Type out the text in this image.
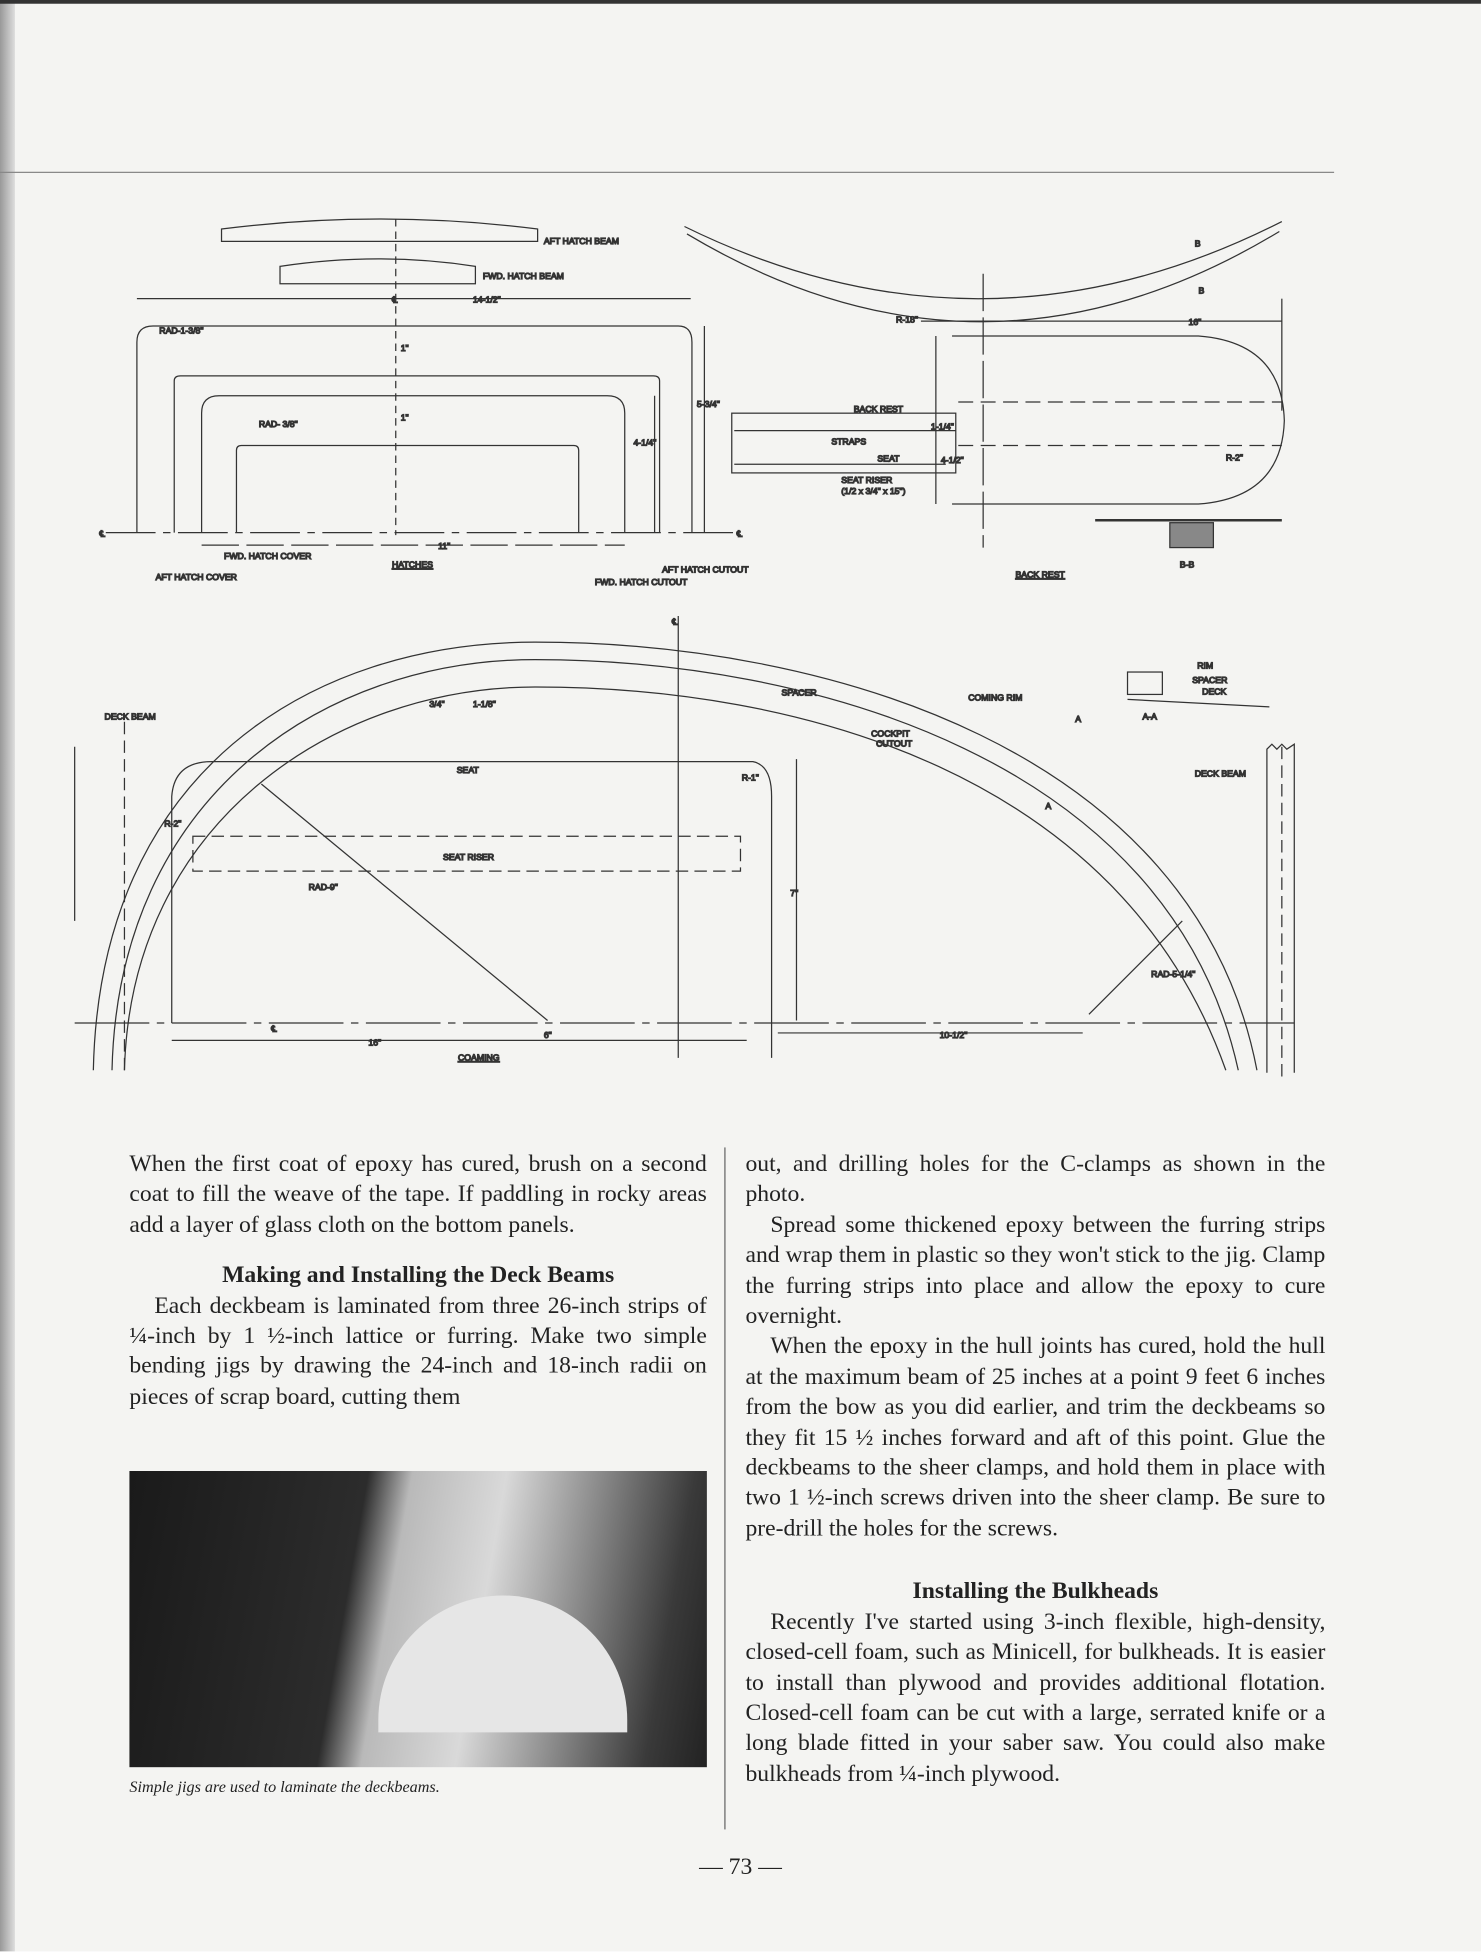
AFT HATCH BEAM
FWD. HATCH BEAM
14-1/2"
℄
RAD-1-3/8"
RAD- 3/8"
1"
1"
5-3/4"
4-1/4"
11"
℄	℄
FWD. HATCH COVER
AFT HATCH COVER
HATCHES
FWD. HATCH CUTOUT
AFT HATCH CUTOUT
R-18"
B
B
16"
BACK REST
STRAPS
SEAT
SEAT RISER
(1/2 x 3/4" x 15")
1-1/4"
4-1/2"	R-2"
B-B
BACK REST
DECK BEAM
3/4"	1-1/8"
SPACER	COMING RIM
COCKPIT
CUTOUT
SEAT
R-1"
R-2"
SEAT RISER
RAD-9"
7"
16"
6"	10-1/2"
RAD-5-1/4"
℄
℄
A
A
A-A
RIM
SPACER
DECK
DECK BEAM
COAMING

When the first coat of epoxy has cured, brush on a second coat to fill the weave of the tape. If paddling in rocky areas add a layer of glass cloth on the bottom panels.

Making and Installing the Deck Beams

Each deckbeam is laminated from three 26-inch strips of ¼-inch by 1 ½-inch lattice or furring. Make two simple bending jigs by drawing the 24-inch and 18-inch radii on pieces of scrap board, cutting them

Simple jigs are used to laminate the deckbeams.

out, and drilling holes for the C-clamps as shown in the photo.

Spread some thickened epoxy between the furring strips and wrap them in plastic so they won't stick to the jig. Clamp the furring strips into place and allow the epoxy to cure overnight.

When the epoxy in the hull joints has cured, hold the hull at the maximum beam of 25 inches at a point 9 feet 6 inches from the bow as you did earlier, and trim the deckbeams so they fit 15 ½ inches forward and aft of this point. Glue the deckbeams to the sheer clamps, and hold them in place with two 1 ½-inch screws driven into the sheer clamp. Be sure to pre-drill the holes for the screws.

Installing the Bulkheads

Recently I've started using 3-inch flexible, high-density, closed-cell foam, such as Minicell, for bulkheads. It is easier to install than plywood and provides additional flotation. Closed-cell foam can be cut with a large, serrated knife or a long blade fitted in your saber saw. You could also make bulkheads from ¼-inch plywood.

— 73 —
